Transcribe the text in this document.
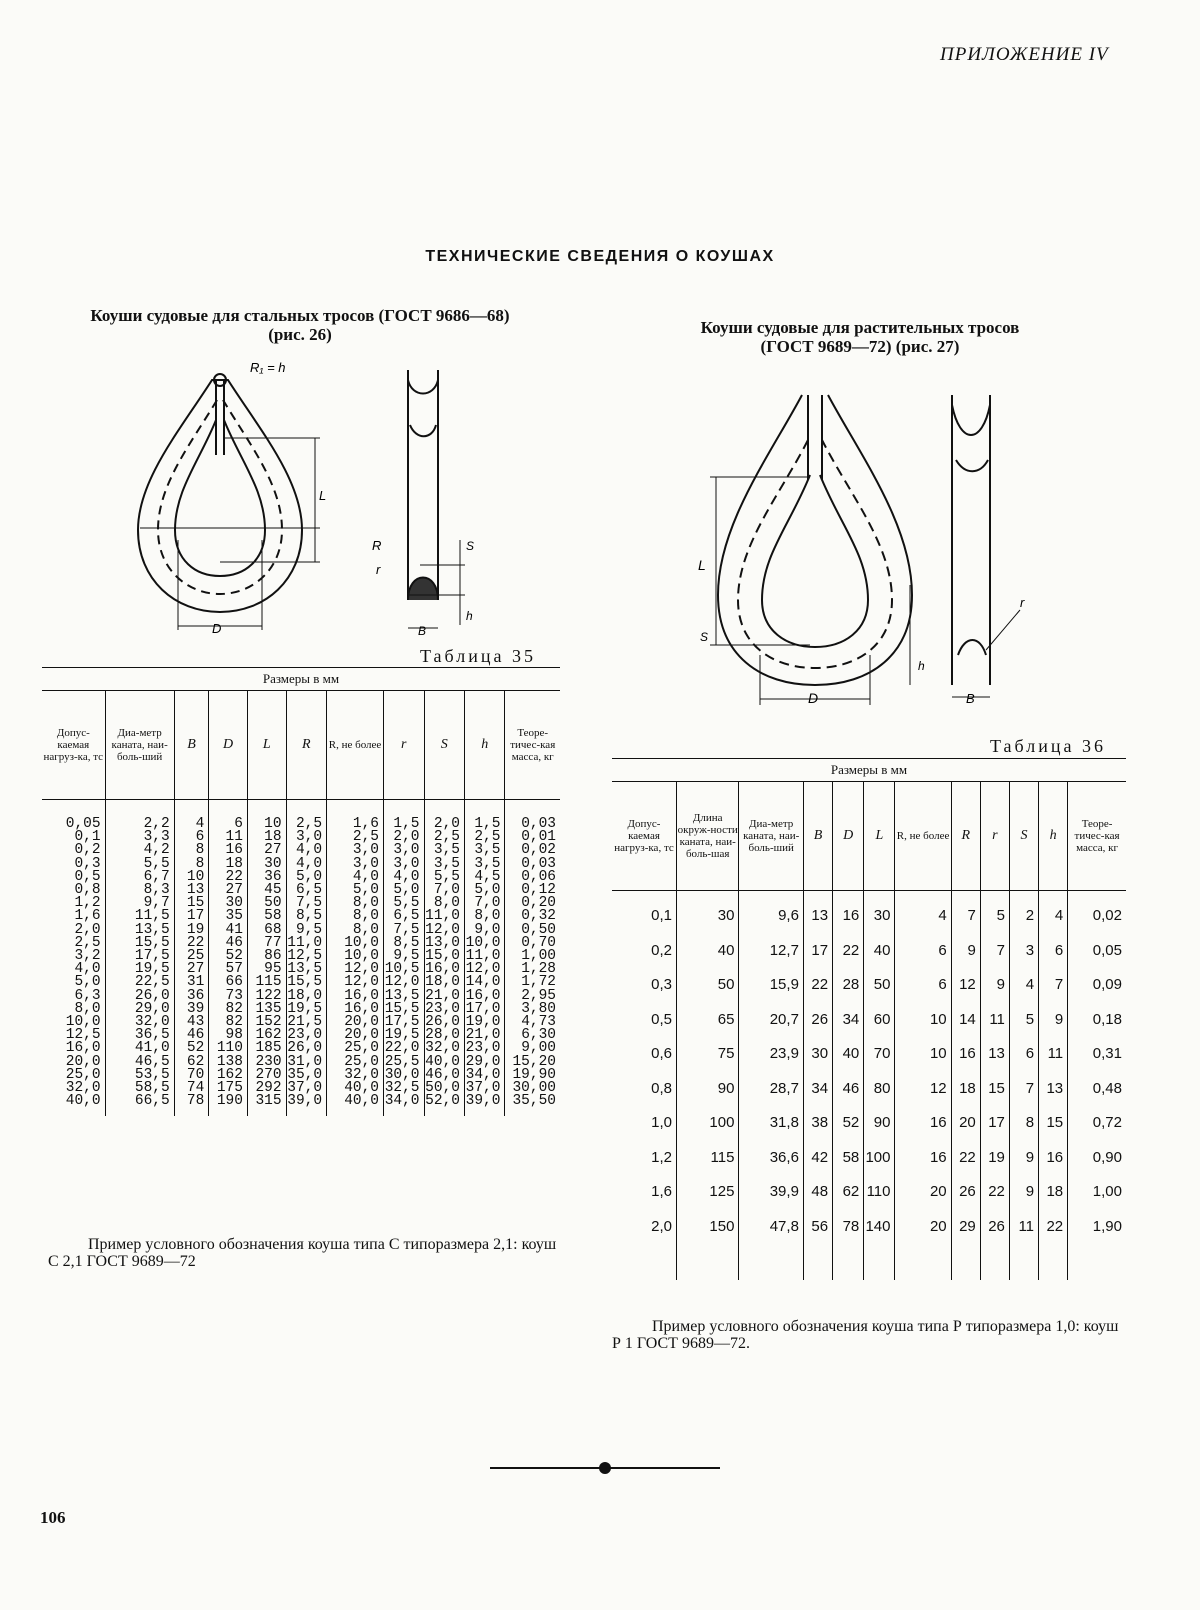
ПРИЛОЖЕНИЕ IV
ТЕХНИЧЕСКИЕ СВЕДЕНИЯ О КОУШАХ
Коуши судовые для стальных тросов (ГОСТ 9686—68)
(рис. 26)
R₁ = h
L
D
R
r
S
h
B
Таблица 35
Размеры в мм										
Допус-каемая нагруз-ка, тс	Диа-метр каната, наи-боль-ший	B	D	L	R	R, не более	r	S	h	Теоре-тичес-кая масса, кг
0,05	2,2	4	6	10	2,5	1,6	1,5	2,0	1,5	0,03
0,1	3,3	6	11	18	3,0	2,5	2,0	2,5	2,5	0,01
0,2	4,2	8	16	27	4,0	3,0	3,0	3,5	3,5	0,02
0,3	5,5	8	18	30	4,0	3,0	3,0	3,5	3,5	0,03
0,5	6,7	10	22	36	5,0	4,0	4,0	5,5	4,5	0,06
0,8	8,3	13	27	45	6,5	5,0	5,0	7,0	5,0	0,12
1,2	9,7	15	30	50	7,5	8,0	5,5	8,0	7,0	0,20
1,6	11,5	17	35	58	8,5	8,0	6,5	11,0	8,0	0,32
2,0	13,5	19	41	68	9,5	8,0	7,5	12,0	9,0	0,50
2,5	15,5	22	46	77	11,0	10,0	8,5	13,0	10,0	0,70
3,2	17,5	25	52	86	12,5	10,0	9,5	15,0	11,0	1,00
4,0	19,5	27	57	95	13,5	12,0	10,5	16,0	12,0	1,28
5,0	22,5	31	66	115	15,5	12,0	12,0	18,0	14,0	1,72
6,3	26,0	36	73	122	18,0	16,0	13,5	21,0	16,0	2,95
8,0	29,0	39	82	135	19,5	16,0	15,5	23,0	17,0	3,80
10,0	32,0	43	82	152	21,5	20,0	17,5	26,0	19,0	4,73
12,5	36,5	46	98	162	23,0	20,0	19,5	28,0	21,0	6,30
16,0	41,0	52	110	185	26,0	25,0	22,0	32,0	23,0	9,00
20,0	46,5	62	138	230	31,0	25,0	25,5	40,0	29,0	15,20
25,0	53,5	70	162	270	35,0	32,0	30,0	46,0	34,0	19,90
32,0	58,5	74	175	292	37,0	40,0	32,5	50,0	37,0	30,00
40,0	66,5	78	190	315	39,0	40,0	34,0	52,0	39,0	35,50
Пример условного обозначения коуша типа С типоразмера 2,1: коуш С 2,1 ГОСТ 9689—72
Коуши судовые для растительных тросов
(ГОСТ 9689—72) (рис. 27)
L
D
S
h
r
B
Таблица 36
Размеры в мм											
Допус-каемая нагруз-ка, тс	Длина окруж-ности каната, наи-боль-шая	Диа-метр каната, наи-боль-ший	B	D	L	R, не более	R	r	S	h	Теоре-тичес-кая масса, кг
0,1	30	9,6	13	16	30	4	7	5	2	4	0,02
0,2	40	12,7	17	22	40	6	9	7	3	6	0,05
0,3	50	15,9	22	28	50	6	12	9	4	7	0,09
0,5	65	20,7	26	34	60	10	14	11	5	9	0,18
0,6	75	23,9	30	40	70	10	16	13	6	11	0,31
0,8	90	28,7	34	46	80	12	18	15	7	13	0,48
1,0	100	31,8	38	52	90	16	20	17	8	15	0,72
1,2	115	36,6	42	58	100	16	22	19	9	16	0,90
1,6	125	39,9	48	62	110	20	26	22	9	18	1,00
2,0	150	47,8	56	78	140	20	29	26	11	22	1,90
Пример условного обозначения коуша типа Р типоразмера 1,0: коуш Р 1 ГОСТ 9689—72.
106
